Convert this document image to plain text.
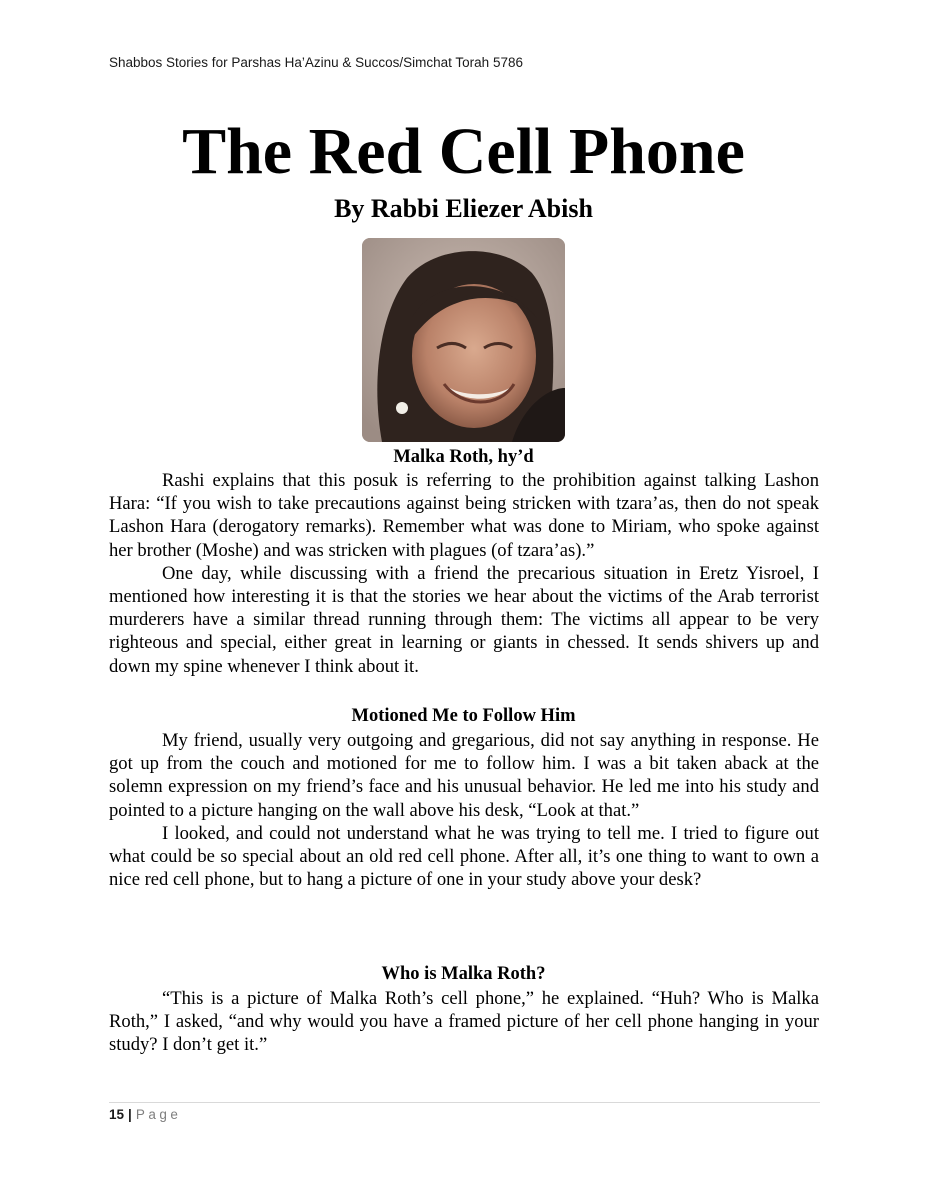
Shabbos Stories for Parshas Ha’Azinu & Succos/Simchat Torah 5786
The Red Cell Phone
By Rabbi Eliezer Abish
Malka Roth, hy’d

Rashi explains that this posuk is referring to the prohibition against talking Lashon Hara: “If you wish to take precautions against being stricken with tzara’as, then do not speak Lashon Hara (derogatory remarks). Remember what was done to Miriam, who spoke against her brother (Moshe) and was stricken with plagues (of tzara’as).”

One day, while discussing with a friend the precarious situation in Eretz Yisroel, I mentioned how interesting it is that the stories we hear about the victims of the Arab terrorist murderers have a similar thread running through them: The victims all appear to be very righteous and special, either great in learning or giants in chessed. It sends shivers up and down my spine whenever I think about it.

Motioned Me to Follow Him

My friend, usually very outgoing and gregarious, did not say anything in response. He got up from the couch and motioned for me to follow him. I was a bit taken aback at the solemn expression on my friend’s face and his unusual behavior. He led me into his study and pointed to a picture hanging on the wall above his desk, “Look at that.”

I looked, and could not understand what he was trying to tell me. I tried to figure out what could be so special about an old red cell phone. After all, it’s one thing to want to own a nice red cell phone, but to hang a picture of one in your study above your desk?

Who is Malka Roth?

“This is a picture of Malka Roth’s cell phone,” he explained. “Huh? Who is Malka Roth,” I asked, “and why would you have a framed picture of her cell phone hanging in your study? I don’t get it.”

15 | Page
